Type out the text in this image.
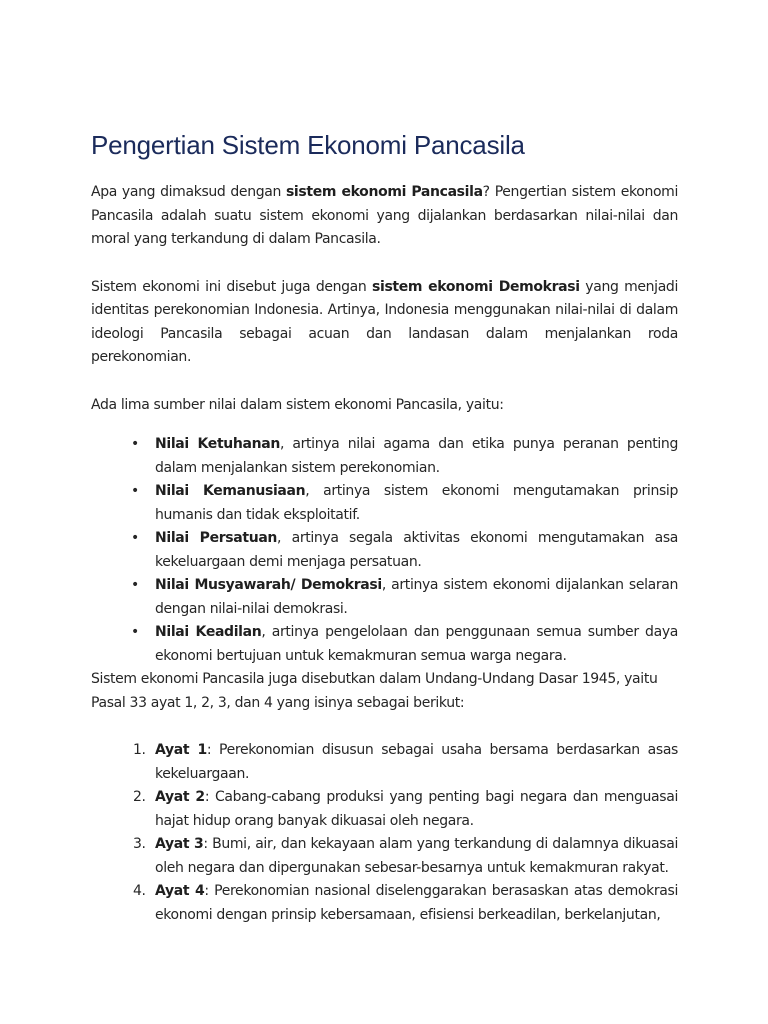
Pengertian Sistem Ekonomi Pancasila

Apa yang dimaksud dengan sistem ekonomi Pancasila? Pengertian sistem ekonomi Pancasila adalah suatu sistem ekonomi yang dijalankan berdasarkan nilai-nilai dan moral yang terkandung di dalam Pancasila.

Sistem ekonomi ini disebut juga dengan sistem ekonomi Demokrasi yang menjadi identitas perekonomian Indonesia. Artinya, Indonesia menggunakan nilai-nilai di dalam ideologi Pancasila sebagai acuan dan landasan dalam menjalankan roda perekonomian.

Ada lima sumber nilai dalam sistem ekonomi Pancasila, yaitu:

• Nilai Ketuhanan, artinya nilai agama dan etika punya peranan penting dalam menjalankan sistem perekonomian.
• Nilai Kemanusiaan, artinya sistem ekonomi mengutamakan prinsip humanis dan tidak eksploitatif.
• Nilai Persatuan, artinya segala aktivitas ekonomi mengutamakan asa kekeluargaan demi menjaga persatuan.
• Nilai Musyawarah/ Demokrasi, artinya sistem ekonomi dijalankan selaran dengan nilai-nilai demokrasi.
• Nilai Keadilan, artinya pengelolaan dan penggunaan semua sumber daya ekonomi bertujuan untuk kemakmuran semua warga negara.

Sistem ekonomi Pancasila juga disebutkan dalam Undang-Undang Dasar 1945, yaitu Pasal 33 ayat 1, 2, 3, dan 4 yang isinya sebagai berikut:

1. Ayat 1: Perekonomian disusun sebagai usaha bersama berdasarkan asas kekeluargaan.
2. Ayat 2: Cabang-cabang produksi yang penting bagi negara dan menguasai hajat hidup orang banyak dikuasai oleh negara.
3. Ayat 3: Bumi, air, dan kekayaan alam yang terkandung di dalamnya dikuasai oleh negara dan dipergunakan sebesar-besarnya untuk kemakmuran rakyat.
4. Ayat 4: Perekonomian nasional diselenggarakan berasaskan atas demokrasi ekonomi dengan prinsip kebersamaan, efisiensi berkeadilan, berkelanjutan,
